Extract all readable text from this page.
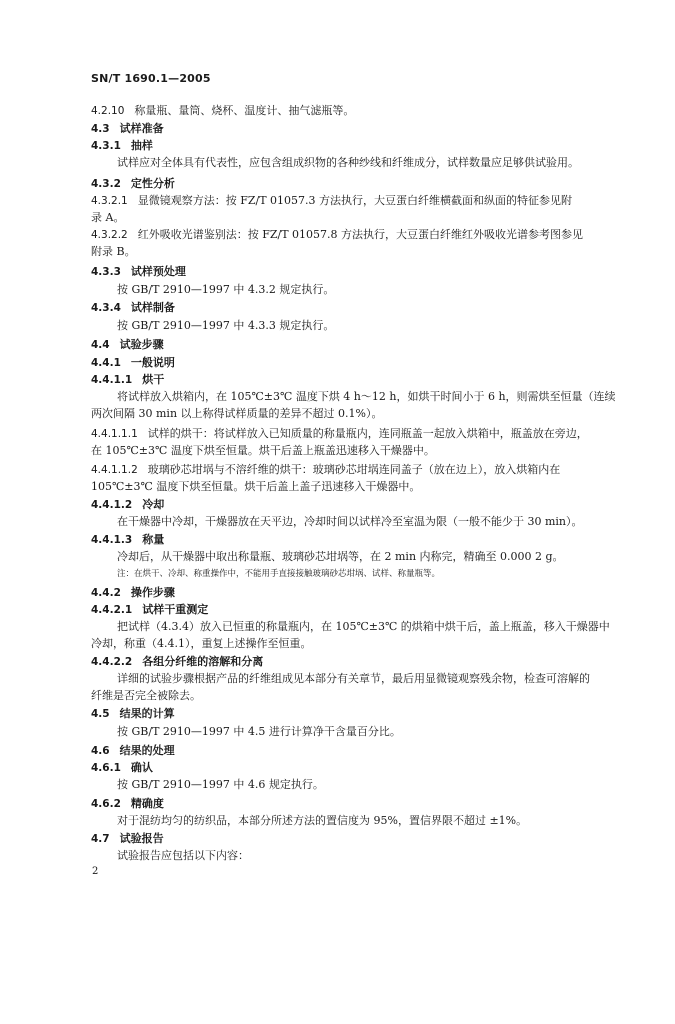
SN/T 1690.1—2005
4.2.10 称量瓶、量筒、烧杯、温度计、抽气滤瓶等。
4.3 试样准备
4.3.1 抽样
试样应对全体具有代表性，应包含组成织物的各种纱线和纤维成分，试样数量应足够供试验用。
4.3.2 定性分析
4.3.2.1 显微镜观察方法：按 FZ/T 01057.3 方法执行，大豆蛋白纤维横截面和纵面的特征参见附
录 A。
4.3.2.2 红外吸收光谱鉴别法：按 FZ/T 01057.8 方法执行，大豆蛋白纤维红外吸收光谱参考图参见
附录 B。
4.3.3 试样预处理
按 GB/T 2910—1997 中 4.3.2 规定执行。
4.3.4 试样制备
按 GB/T 2910—1997 中 4.3.3 规定执行。
4.4 试验步骤
4.4.1 一般说明
4.4.1.1 烘干
将试样放入烘箱内，在 105℃±3℃ 温度下烘 4 h～12 h，如烘干时间小于 6 h，则需烘至恒量（连续
两次间隔 30 min 以上称得试样质量的差异不超过 0.1%）。
4.4.1.1.1 试样的烘干：将试样放入已知质量的称量瓶内，连同瓶盖一起放入烘箱中，瓶盖放在旁边，
在 105℃±3℃ 温度下烘至恒量。烘干后盖上瓶盖迅速移入干燥器中。
4.4.1.1.2 玻璃砂芯坩埚与不溶纤维的烘干：玻璃砂芯坩埚连同盖子（放在边上），放入烘箱内在
105℃±3℃ 温度下烘至恒量。烘干后盖上盖子迅速移入干燥器中。
4.4.1.2 冷却
在干燥器中冷却，干燥器放在天平边，冷却时间以试样冷至室温为限（一般不能少于 30 min）。
4.4.1.3 称量
冷却后，从干燥器中取出称量瓶、玻璃砂芯坩埚等，在 2 min 内称完，精确至 0.000 2 g。
注：在烘干、冷却、称重操作中，不能用手直接接触玻璃砂芯坩埚、试样、称量瓶等。
4.4.2 操作步骤
4.4.2.1 试样干重测定
把试样（4.3.4）放入已恒重的称量瓶内，在 105℃±3℃ 的烘箱中烘干后，盖上瓶盖，移入干燥器中
冷却，称重（4.4.1），重复上述操作至恒重。
4.4.2.2 各组分纤维的溶解和分离
详细的试验步骤根据产品的纤维组成见本部分有关章节，最后用显微镜观察残余物，检查可溶解的
纤维是否完全被除去。
4.5 结果的计算
按 GB/T 2910—1997 中 4.5 进行计算净干含量百分比。
4.6 结果的处理
4.6.1 确认
按 GB/T 2910—1997 中 4.6 规定执行。
4.6.2 精确度
对于混纺均匀的纺织品，本部分所述方法的置信度为 95%，置信界限不超过 ±1%。
4.7 试验报告
试验报告应包括以下内容：
2
